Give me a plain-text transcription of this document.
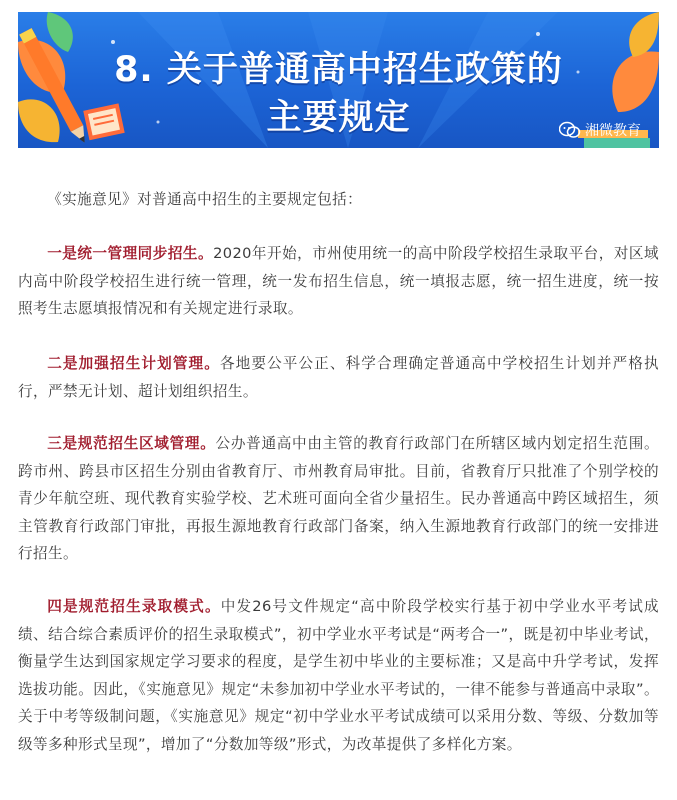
8. 关于普通高中招生政策的
主要规定	湘微教育

《实施意见》对普通高中招生的主要规定包括：

一是统一管理同步招生。2020年开始，市州使用统一的高中阶段学校招生录取平台，对区域内高中阶段学校招生进行统一管理，统一发布招生信息，统一填报志愿，统一招生进度，统一按照考生志愿填报情况和有关规定进行录取。

二是加强招生计划管理。各地要公平公正、科学合理确定普通高中学校招生计划并严格执行，严禁无计划、超计划组织招生。

三是规范招生区域管理。公办普通高中由主管的教育行政部门在所辖区域内划定招生范围。跨市州、跨县市区招生分别由省教育厅、市州教育局审批。目前，省教育厅只批准了个别学校的青少年航空班、现代教育实验学校、艺术班可面向全省少量招生。民办普通高中跨区域招生，须主管教育行政部门审批，再报生源地教育行政部门备案，纳入生源地教育行政部门的统一安排进行招生。

四是规范招生录取模式。中发26号文件规定“高中阶段学校实行基于初中学业水平考试成绩、结合综合素质评价的招生录取模式”，初中学业水平考试是“两考合一”，既是初中毕业考试，衡量学生达到国家规定学习要求的程度，是学生初中毕业的主要标准；又是高中升学考试，发挥选拔功能。因此，《实施意见》规定“未参加初中学业水平考试的，一律不能参与普通高中录取”。关于中考等级制问题，《实施意见》规定“初中学业水平考试成绩可以采用分数、等级、分数加等级等多种形式呈现”，增加了“分数加等级”形式，为改革提供了多样化方案。
